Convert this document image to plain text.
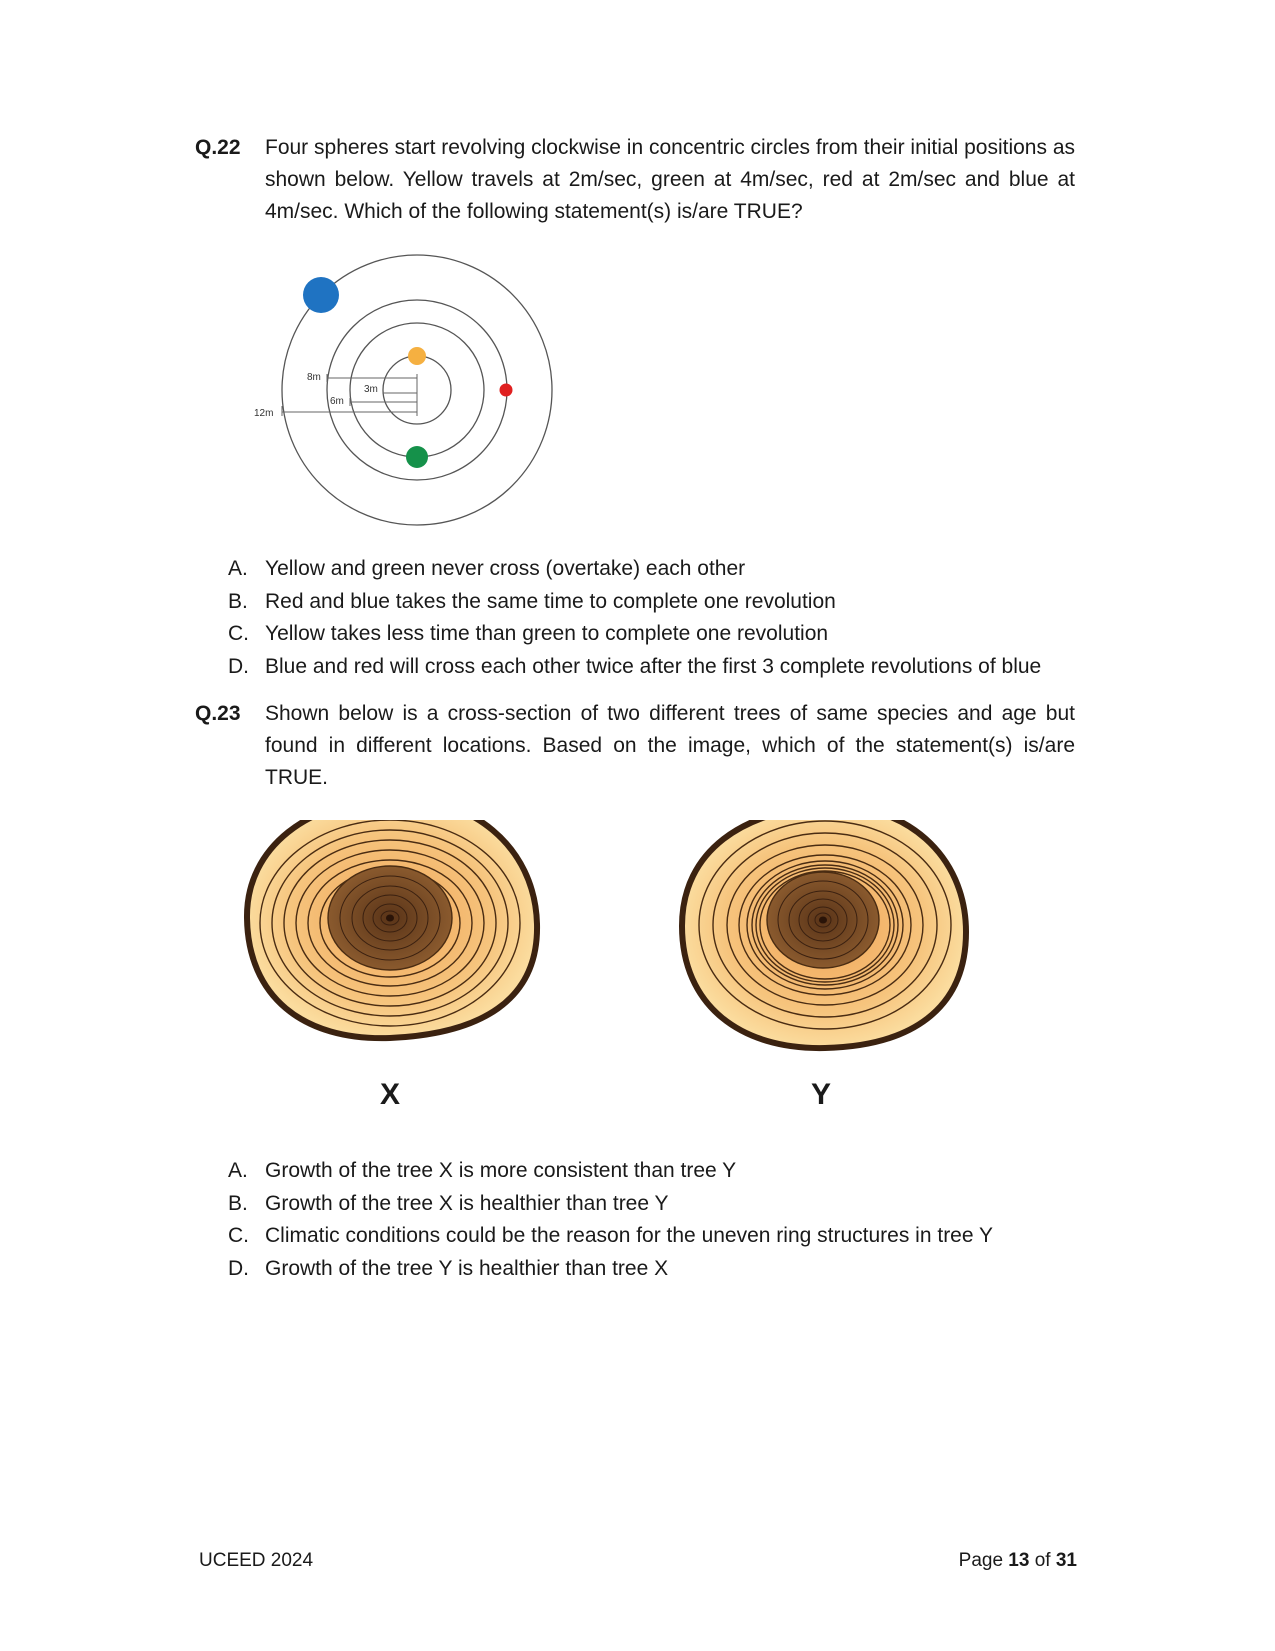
Q.22 Four spheres start revolving clockwise in concentric circles from their initial positions as shown below. Yellow travels at 2m/sec, green at 4m/sec, red at 2m/sec and blue at 4m/sec. Which of the following statement(s) is/are TRUE?
3m
6m
8m
12m
A. Yellow and green never cross (overtake) each other
B. Red and blue takes the same time to complete one revolution
C. Yellow takes less time than green to complete one revolution
D. Blue and red will cross each other twice after the first 3 complete revolutions of blue
Q.23 Shown below is a cross-section of two different trees of same species and age but found in different locations. Based on the image, which of the statement(s) is/are TRUE.
X	Y
A. Growth of the tree X is more consistent than tree Y
B. Growth of the tree X is healthier than tree Y
C. Climatic conditions could be the reason for the uneven ring structures in tree Y
D. Growth of the tree Y is healthier than tree X
UCEED 2024	Page 13 of 31
